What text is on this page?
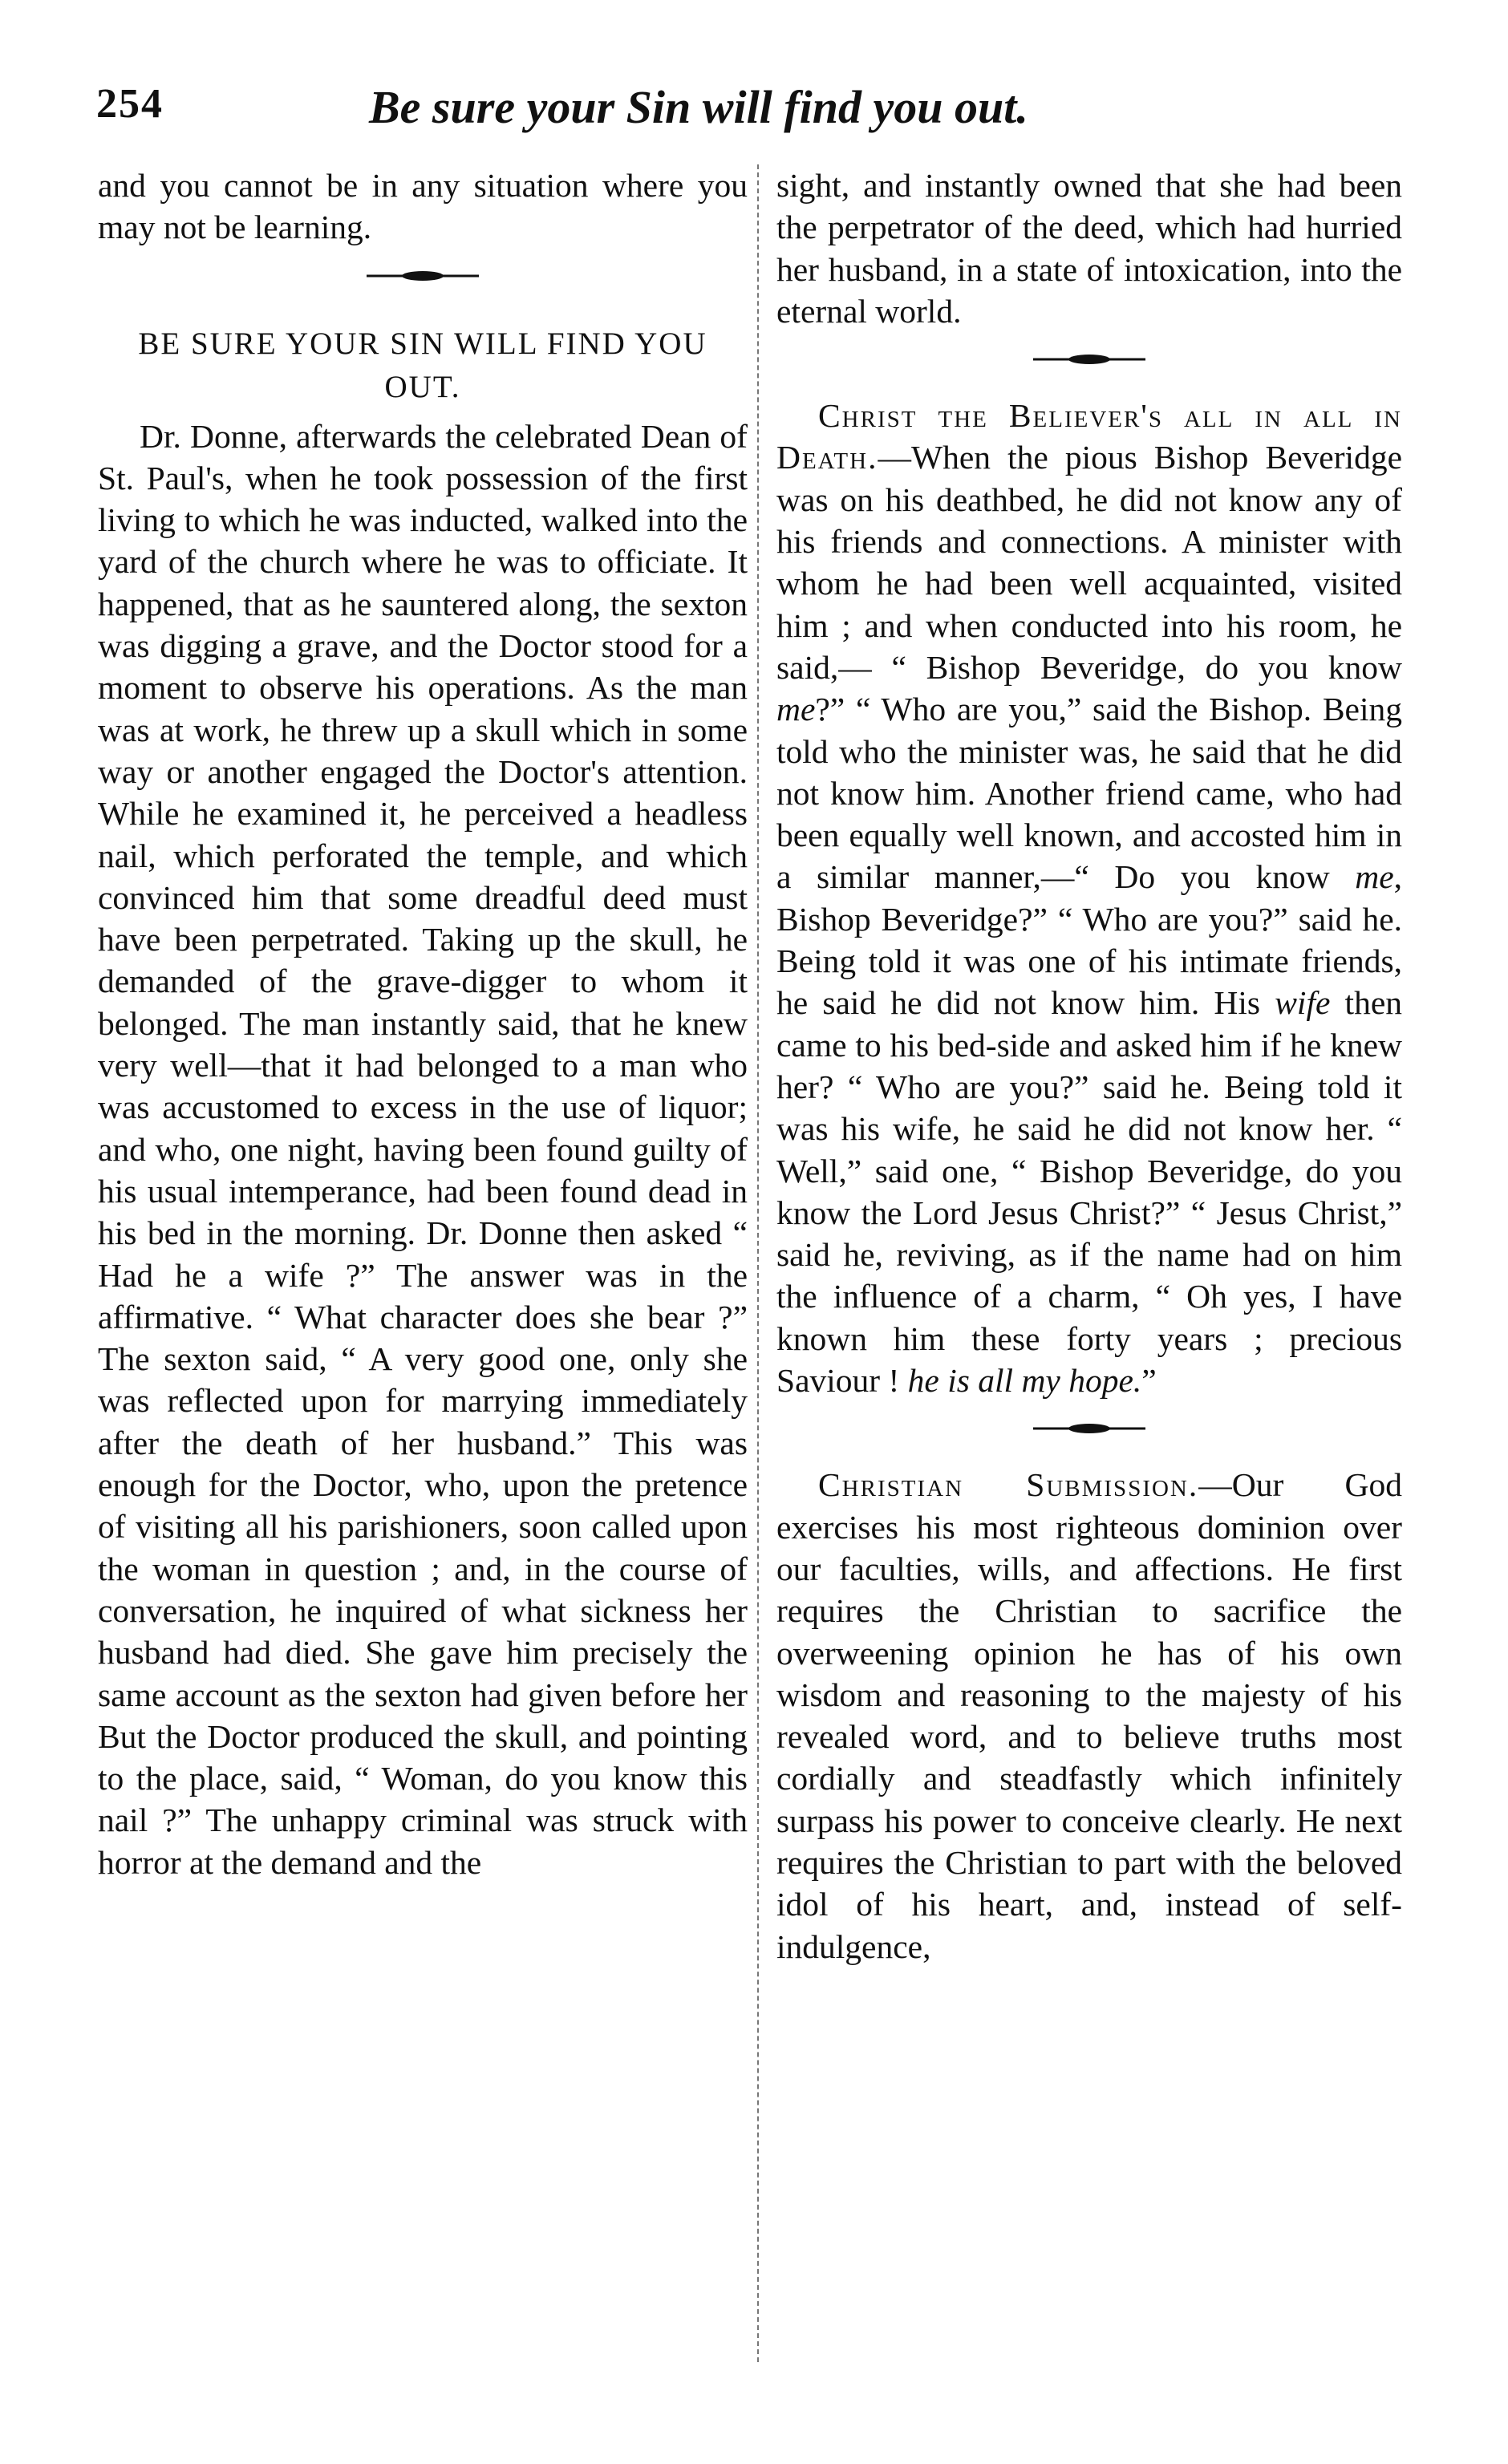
254	Be sure your Sin will find you out.

and you cannot be in any situation where you may not be learning.

BE SURE YOUR SIN WILL FIND YOU OUT.

Dr. Donne, afterwards the celebrated Dean of St. Paul's, when he took possession of the first living to which he was inducted, walked into the yard of the church where he was to officiate. It happened, that as he sauntered along, the sexton was digging a grave, and the Doctor stood for a moment to observe his operations. As the man was at work, he threw up a skull which in some way or another engaged the Doctor's attention. While he examined it, he perceived a headless nail, which perforated the temple, and which convinced him that some dreadful deed must have been perpetrated. Taking up the skull, he demanded of the grave-digger to whom it belonged. The man instantly said, that he knew very well—that it had belonged to a man who was accustomed to excess in the use of liquor; and who, one night, having been found guilty of his usual intemperance, had been found dead in his bed in the morning. Dr. Donne then asked “ Had he a wife ?” The answer was in the affirmative. “ What character does she bear ?” The sexton said, “ A very good one, only she was reflected upon for marrying immediately after the death of her husband.” This was enough for the Doctor, who, upon the pretence of visiting all his parishioners, soon called upon the woman in question ; and, in the course of conversation, he inquired of what sickness her husband had died. She gave him precisely the same account as the sexton had given before her But the Doctor produced the skull, and pointing to the place, said, “ Woman, do you know this nail ?” The unhappy criminal was struck with horror at the demand and the

sight, and instantly owned that she had been the perpetrator of the deed, which had hurried her husband, in a state of intoxication, into the eternal world.

Christ the Believer's all in all in Death.—When the pious Bishop Beveridge was on his deathbed, he did not know any of his friends and connections. A minister with whom he had been well acquainted, visited him ; and when conducted into his room, he said,— “ Bishop Beveridge, do you know me?” “ Who are you,” said the Bishop. Being told who the minister was, he said that he did not know him. Another friend came, who had been equally well known, and accosted him in a similar manner,—“ Do you know me, Bishop Beveridge?” “ Who are you?” said he. Being told it was one of his intimate friends, he said he did not know him. His wife then came to his bed-side and asked him if he knew her? “ Who are you?” said he. Being told it was his wife, he said he did not know her. “ Well,” said one, “ Bishop Beveridge, do you know the Lord Jesus Christ?” “ Jesus Christ,” said he, reviving, as if the name had on him the influence of a charm, “ Oh yes, I have known him these forty years ; precious Saviour ! he is all my hope.”

Christian Submission.—Our God exercises his most righteous dominion over our faculties, wills, and affections. He first requires the Christian to sacrifice the overweening opinion he has of his own wisdom and reasoning to the majesty of his revealed word, and to believe truths most cordially and steadfastly which infinitely surpass his power to conceive clearly. He next requires the Christian to part with the beloved idol of his heart, and, instead of self-indulgence,
